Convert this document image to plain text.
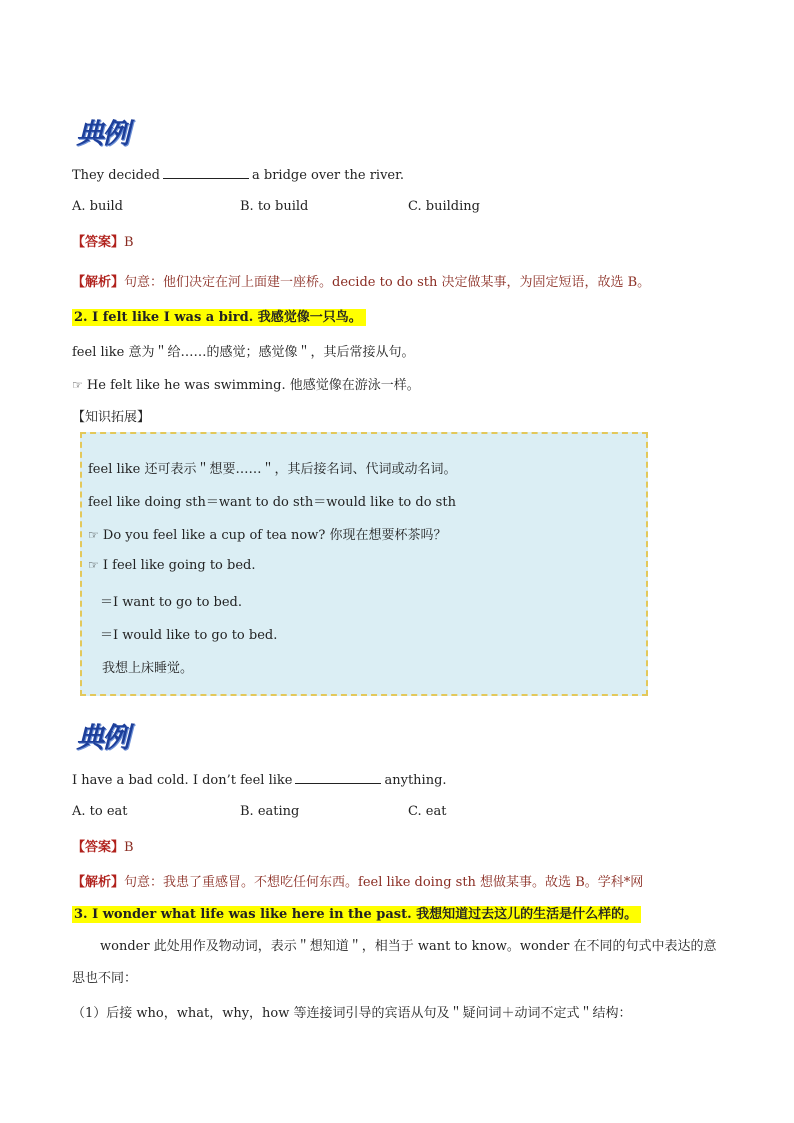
典例
They decided	a bridge over the river.
A. build	B. to build	C. building
【答案】B
【解析】句意：他们决定在河上面建一座桥。decide to do sth 决定做某事，为固定短语，故选 B。
2. I felt like I was a bird. 我感觉像一只鸟。
feel like 意为＂给……的感觉；感觉像＂，其后常接从句。
☞ He felt like he was swimming. 他感觉像在游泳一样。
【知识拓展】
feel like 还可表示＂想要……＂，其后接名词、代词或动名词。
feel like doing sth＝want to do sth＝would like to do sth
☞ Do you feel like a cup of tea now? 你现在想要杯茶吗？
☞ I feel like going to bed.
＝I want to go to bed.
＝I would like to go to bed.
我想上床睡觉。
典例
I have a bad cold. I don’t feel like	anything.
A. to eat	B. eating	C. eat
【答案】B
【解析】句意：我患了重感冒。不想吃任何东西。feel like doing sth 想做某事。故选 B。学科*网
3. I wonder what life was like here in the past. 我想知道过去这儿的生活是什么样的。
wonder 此处用作及物动词，表示＂想知道＂，相当于 want to know。wonder 在不同的句式中表达的意
思也不同：
（1）后接 who，what，why，how 等连接词引导的宾语从句及＂疑问词＋动词不定式＂结构：
